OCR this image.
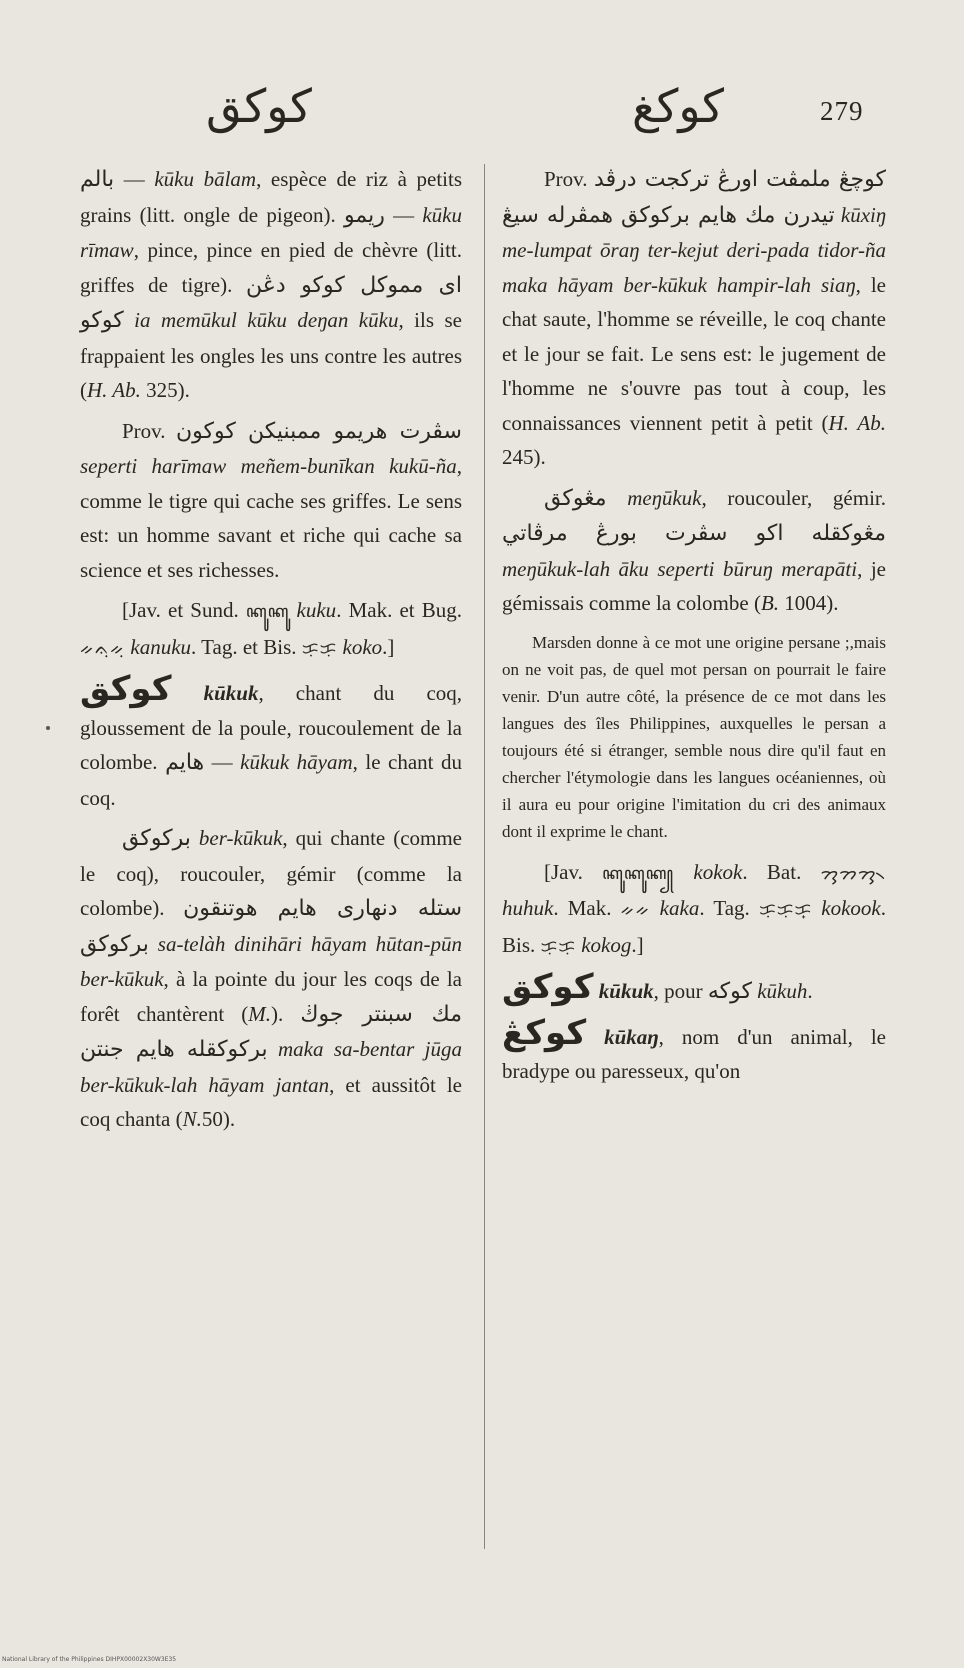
كوكق	كوكغ	279

بالم — kūku bālam, espèce de riz à petits grains (litt. ongle de pigeon). ريمو — kūku rīmaw, pince, pince en pied de chèvre (litt. griffes de tigre). اى مموكل كوكو دڠن كوكو ia memūkul kūku deŋan kūku, ils se frappaient les ongles les uns contre les autres (H. Ab. 325).

Prov. سڤرت هريمو ممبنيكن كوكون seperti harīmaw meñem-bunīkan kukū-ña, comme le tigre qui cache ses griffes. Le sens est: un homme savant et riche qui cache sa science et ses richesses.

[Jav. et Sund. ꦏꦸꦏꦸ kuku. Mak. et Bug. ᨀᨊᨘᨀᨘ kanuku. Tag. et Bis. ᜃᜓᜃᜓ koko.]

كوكق kūkuk, chant du coq, gloussement de la poule, roucoulement de la colombe. هايم — kūkuk hāyam, le chant du coq.

بركوكق ber-kūkuk, qui chante (comme le coq), roucouler, gémir (comme la colombe). ستله دنهارى هايم هوتنقون بركوكق sa-telàh dinihāri hāyam hūtan-pūn ber-kūkuk, à la pointe du jour les coqs de la forêt chantèrent (M.). مك سبنتر جوڬ بركوكقله هايم جنتن maka sa-bentar jūga ber-kūkuk-lah hāyam jantan, et aussitôt le coq chanta (N.50).

Prov. كوچڠ ملمڤت اورڠ تركجت درڤد تيدرن مك هايم بركوكق همڤرله سيڠ kūxiŋ me-lumpat ōraŋ ter-kejut deri-pada tidor-ña maka hāyam ber-kūkuk hampir-lah siaŋ, le chat saute, l'homme se réveille, le coq chante et le jour se fait. Le sens est: le jugement de l'homme ne s'ouvre pas tout à coup, les connaissances viennent petit à petit (H. Ab. 245).

مڠوكق meŋūkuk, roucouler, gémir. مڠوكقله اكو سڤرت بورڠ مرڤاتي meŋūkuk-lah āku seperti būruŋ merapāti, je gémissais comme la colombe (B. 1004).

Marsden donne à ce mot une origine persane ;,mais on ne voit pas, de quel mot persan on pourrait le faire venir. D'un autre côté, la présence de ce mot dans les langues des îles Philippines, auxquelles le persan a toujours été si étranger, semble nous dire qu'il faut en chercher l'étymologie dans les langues océaniennes, où il aura eu pour origine l'imitation du cri des animaux dont il exprime le chant.

[Jav. ꦏꦸꦏꦸꦏ꧀ kokok. Bat. ᯂᯮᯂᯮᯂ᯲ huhuk. Mak. ᨀᨀ kaka. Tag. ᜃᜓᜃᜓᜃ᜔ kokook. Bis. ᜃᜓᜃᜓ kokog.]

كوكق kūkuk, pour كوكه kūkuh.

كوكڠ kūkaŋ, nom d'un animal, le bradype ou paresseux, qu'on

National Library of the Philippines DIHPX00002X30W3E35
